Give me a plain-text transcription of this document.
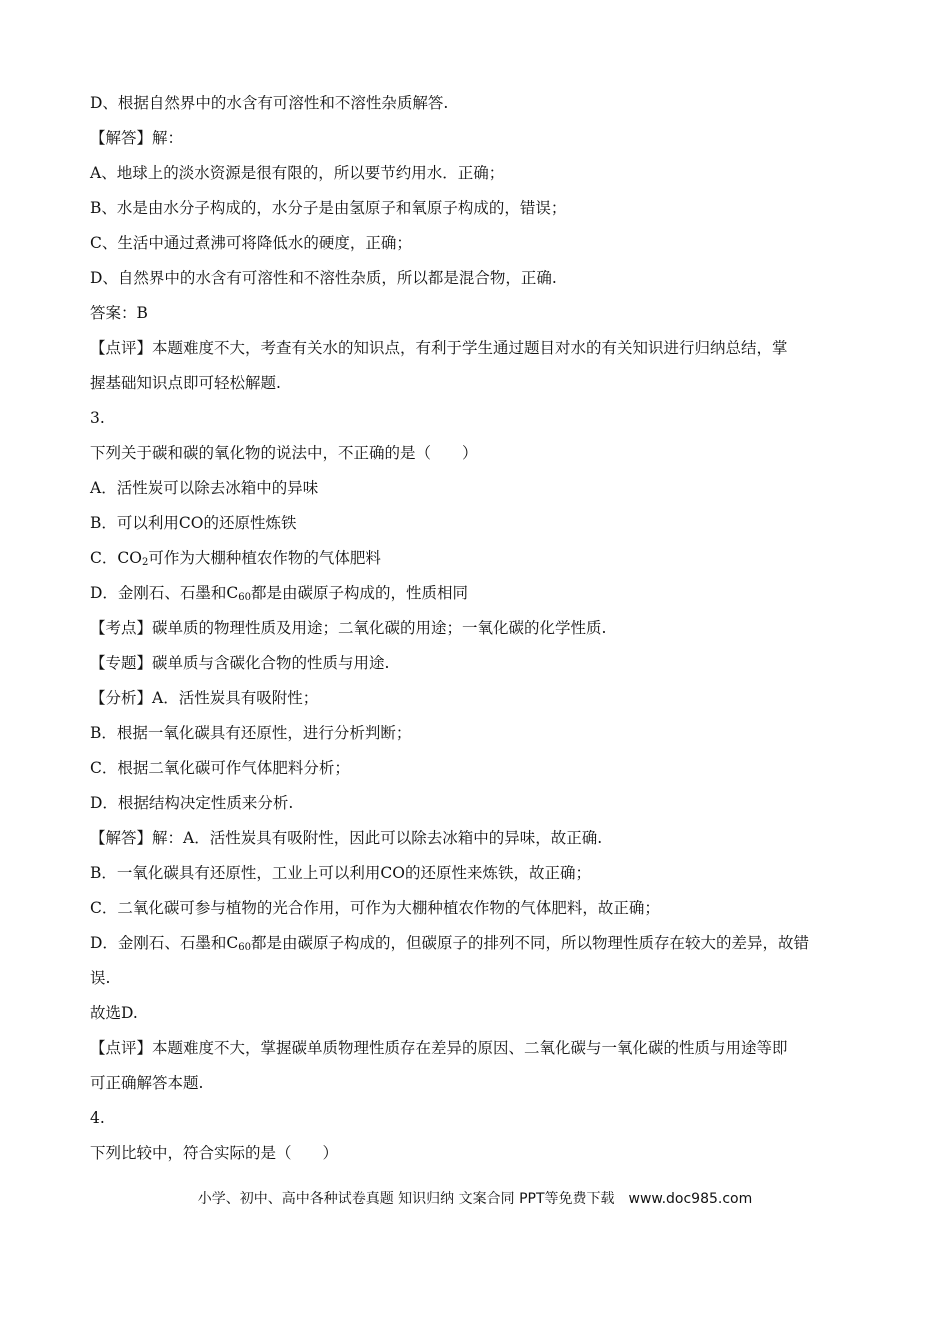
D、根据自然界中的水含有可溶性和不溶性杂质解答.
【解答】解：
A、地球上的淡水资源是很有限的，所以要节约用水．正确；
B、水是由水分子构成的，水分子是由氢原子和氧原子构成的，错误；
C、生活中通过煮沸可将降低水的硬度，正确；
D、自然界中的水含有可溶性和不溶性杂质，所以都是混合物，正确.
答案：B
【点评】本题难度不大，考查有关水的知识点，有利于学生通过题目对水的有关知识进行归纳总结，掌
握基础知识点即可轻松解题.
3.
下列关于碳和碳的氧化物的说法中，不正确的是（　　）
A．活性炭可以除去冰箱中的异味
B．可以利用CO的还原性炼铁
C．$CO_2$可作为大棚种植农作物的气体肥料
D．金刚石、石墨和$C_{60}$都是由碳原子构成的，性质相同
【考点】碳单质的物理性质及用途；二氧化碳的用途；一氧化碳的化学性质.
【专题】碳单质与含碳化合物的性质与用途.
【分析】A．活性炭具有吸附性；
B．根据一氧化碳具有还原性，进行分析判断；
C．根据二氧化碳可作气体肥料分析；
D．根据结构决定性质来分析.
【解答】解：A．活性炭具有吸附性，因此可以除去冰箱中的异味，故正确.
B．一氧化碳具有还原性，工业上可以利用CO的还原性来炼铁，故正确；
C．二氧化碳可参与植物的光合作用，可作为大棚种植农作物的气体肥料，故正确；
D．金刚石、石墨和$C_{60}$都是由碳原子构成的，但碳原子的排列不同，所以物理性质存在较大的差异，故错
误.
故选D.
【点评】本题难度不大，掌握碳单质物理性质存在差异的原因、二氧化碳与一氧化碳的性质与用途等即
可正确解答本题.
4.
下列比较中，符合实际的是（　　）
小学、初中、高中各种试卷真题 知识归纳 文案合同 PPT等免费下载　www.doc985.com
